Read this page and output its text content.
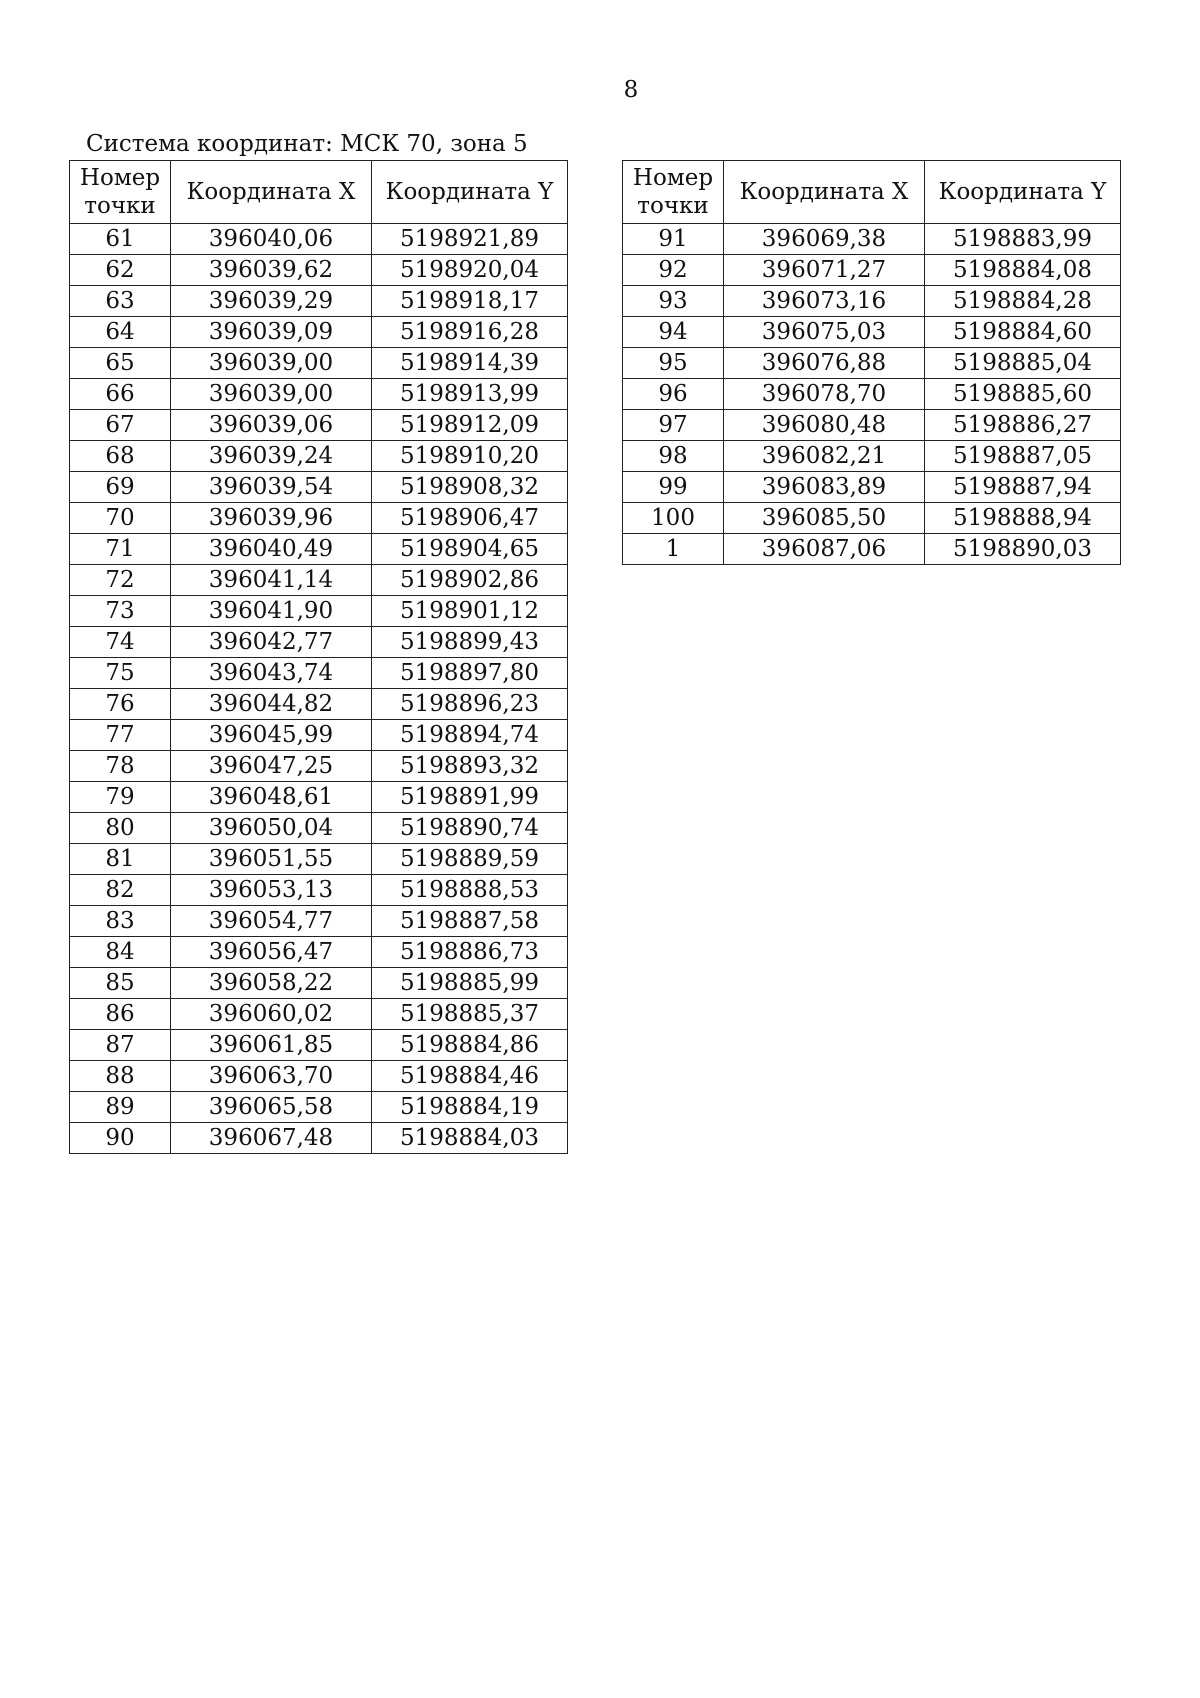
8
Система координат: МСК 70, зона 5
Номер точки	Координата X	Координата Y
61	396040,06	5198921,89
62	396039,62	5198920,04
63	396039,29	5198918,17
64	396039,09	5198916,28
65	396039,00	5198914,39
66	396039,00	5198913,99
67	396039,06	5198912,09
68	396039,24	5198910,20
69	396039,54	5198908,32
70	396039,96	5198906,47
71	396040,49	5198904,65
72	396041,14	5198902,86
73	396041,90	5198901,12
74	396042,77	5198899,43
75	396043,74	5198897,80
76	396044,82	5198896,23
77	396045,99	5198894,74
78	396047,25	5198893,32
79	396048,61	5198891,99
80	396050,04	5198890,74
81	396051,55	5198889,59
82	396053,13	5198888,53
83	396054,77	5198887,58
84	396056,47	5198886,73
85	396058,22	5198885,99
86	396060,02	5198885,37
87	396061,85	5198884,86
88	396063,70	5198884,46
89	396065,58	5198884,19
90	396067,48	5198884,03
Номер точки	Координата X	Координата Y
91	396069,38	5198883,99
92	396071,27	5198884,08
93	396073,16	5198884,28
94	396075,03	5198884,60
95	396076,88	5198885,04
96	396078,70	5198885,60
97	396080,48	5198886,27
98	396082,21	5198887,05
99	396083,89	5198887,94
100	396085,50	5198888,94
1	396087,06	5198890,03
